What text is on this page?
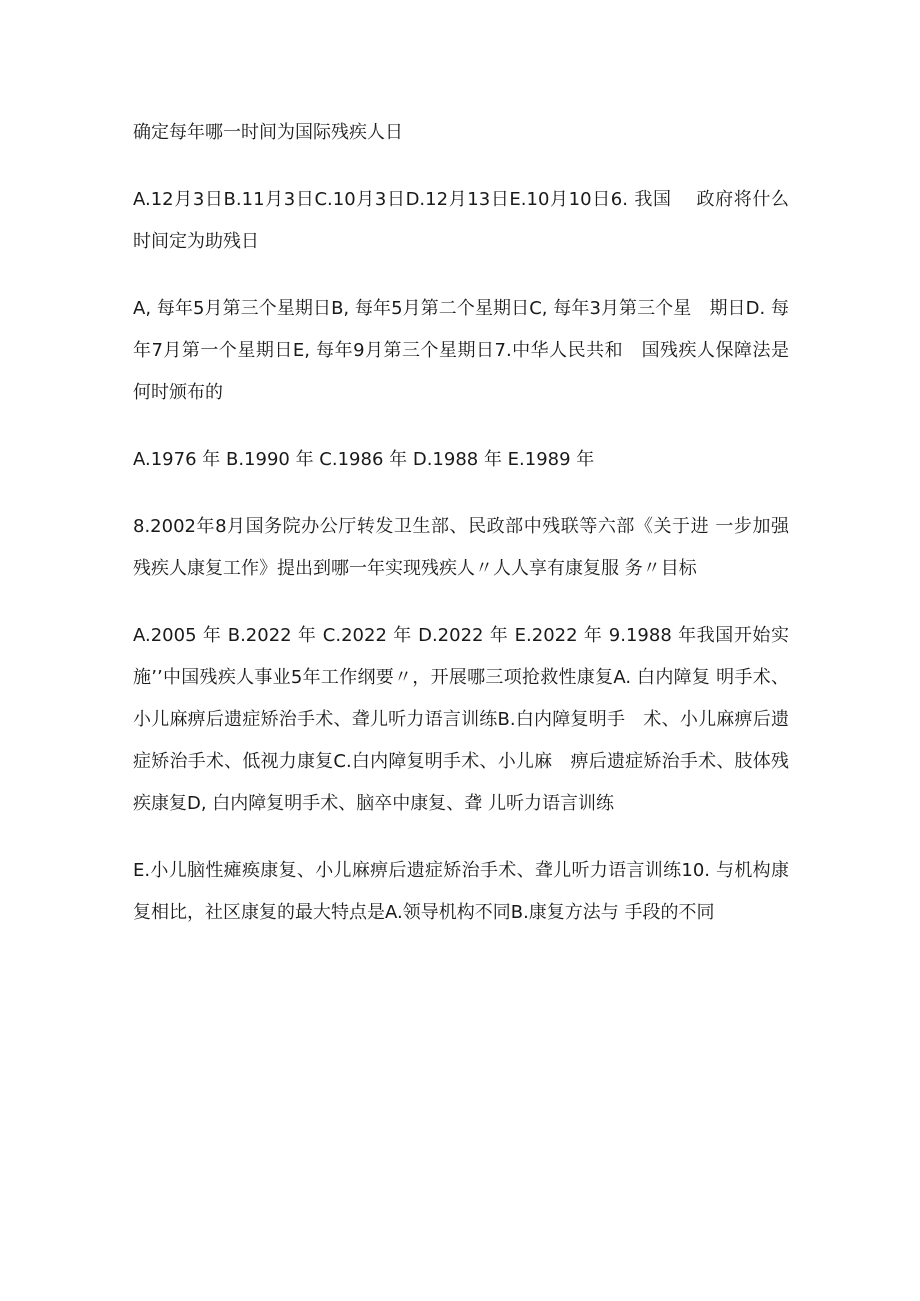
确定每年哪一时间为国际残疾人日

A.12月3日B.11月3日C.10月3日D.12月13日E.10月10日6. 我国　 政府将什么时间定为助残日

A, 每年5月第三个星期日B, 每年5月第二个星期日C, 每年3月第三个星　期日D. 每年7月第一个星期日E, 每年9月第三个星期日7.中华人民共和　国残疾人保障法是何时颁布的

A.1976 年 B.1990 年 C.1986 年 D.1988 年 E.1989 年

8.2002年8月国务院办公厅转发卫生部、民政部中残联等六部《关于进 一步加强残疾人康复工作》提出到哪一年实现残疾人〃人人享有康复服 务〃目标

A.2005 年 B.2022 年 C.2022 年 D.2022 年 E.2022 年 9.1988 年我国开始实施’’中国残疾人事业5年工作纲要〃，开展哪三项抢救性康复A. 白内障复 明手术、小儿麻痹后遗症矫治手术、聋儿听力语言训练B.白内障复明手　术、小儿麻痹后遗症矫治手术、低视力康复C.白内障复明手术、小儿麻　痹后遗症矫治手术、肢体残疾康复D, 白内障复明手术、脑卒中康复、聋 儿听力语言训练

E.小儿脑性瘫痪康复、小儿麻痹后遗症矫治手术、聋儿听力语言训练10. 与机构康复相比，社区康复的最大特点是A.领导机构不同B.康复方法与 手段的不同
